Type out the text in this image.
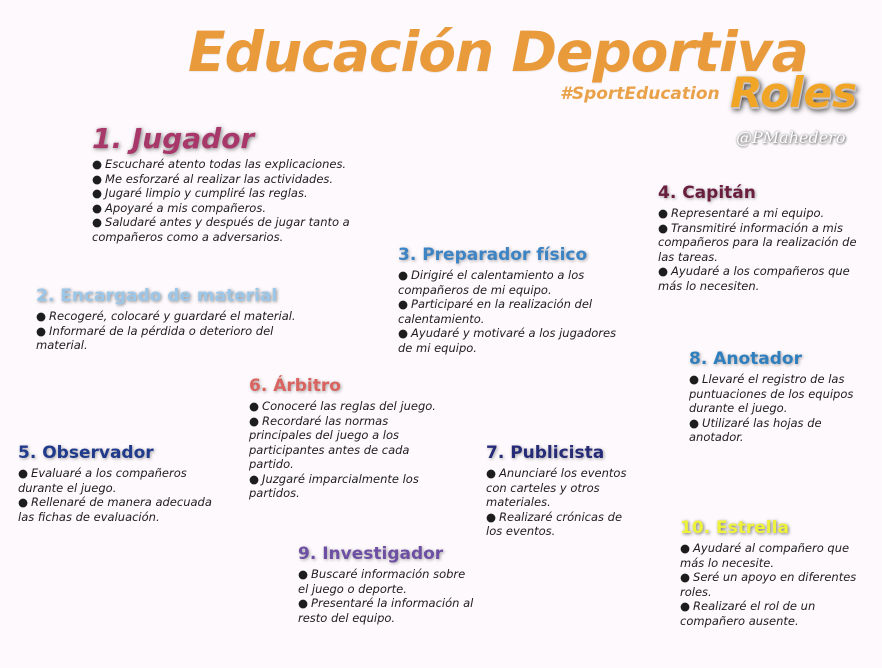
Educación Deportiva
#SportEducation Roles
@PMahedero
1. Jugador
● Escucharé atento todas las explicaciones.
● Me esforzaré al realizar las actividades.
● Jugaré limpio y cumpliré las reglas.
● Apoyaré a mis compañeros.
● Saludaré antes y después de jugar tanto a compañeros como a adversarios.
2. Encargado de material
● Recogeré, colocaré y guardaré el material.
● Informaré de la pérdida o deterioro del material.
3. Preparador físico
● Dirigiré el calentamiento a los compañeros de mi equipo.
● Participaré en la realización del calentamiento.
● Ayudaré y motivaré a los jugadores de mi equipo.
4. Capitán
● Representaré a mi equipo.
● Transmitiré información a mis compañeros para la realización de las tareas.
● Ayudaré a los compañeros que más lo necesiten.
5. Observador
● Evaluaré a los compañeros durante el juego.
● Rellenaré de manera adecuada las fichas de evaluación.
6. Árbitro
● Conoceré las reglas del juego.
● Recordaré las normas principales del juego a los participantes antes de cada partido.
● Juzgaré imparcialmente los partidos.
7. Publicista
● Anunciaré los eventos con carteles y otros materiales.
● Realizaré crónicas de los eventos.
8. Anotador
● Llevaré el registro de las puntuaciones de los equipos durante el juego.
● Utilizaré las hojas de anotador.
9. Investigador
● Buscaré información sobre el juego o deporte.
● Presentaré la información al resto del equipo.
10. Estrella
● Ayudaré al compañero que más lo necesite.
● Seré un apoyo en diferentes roles.
● Realizaré el rol de un compañero ausente.
